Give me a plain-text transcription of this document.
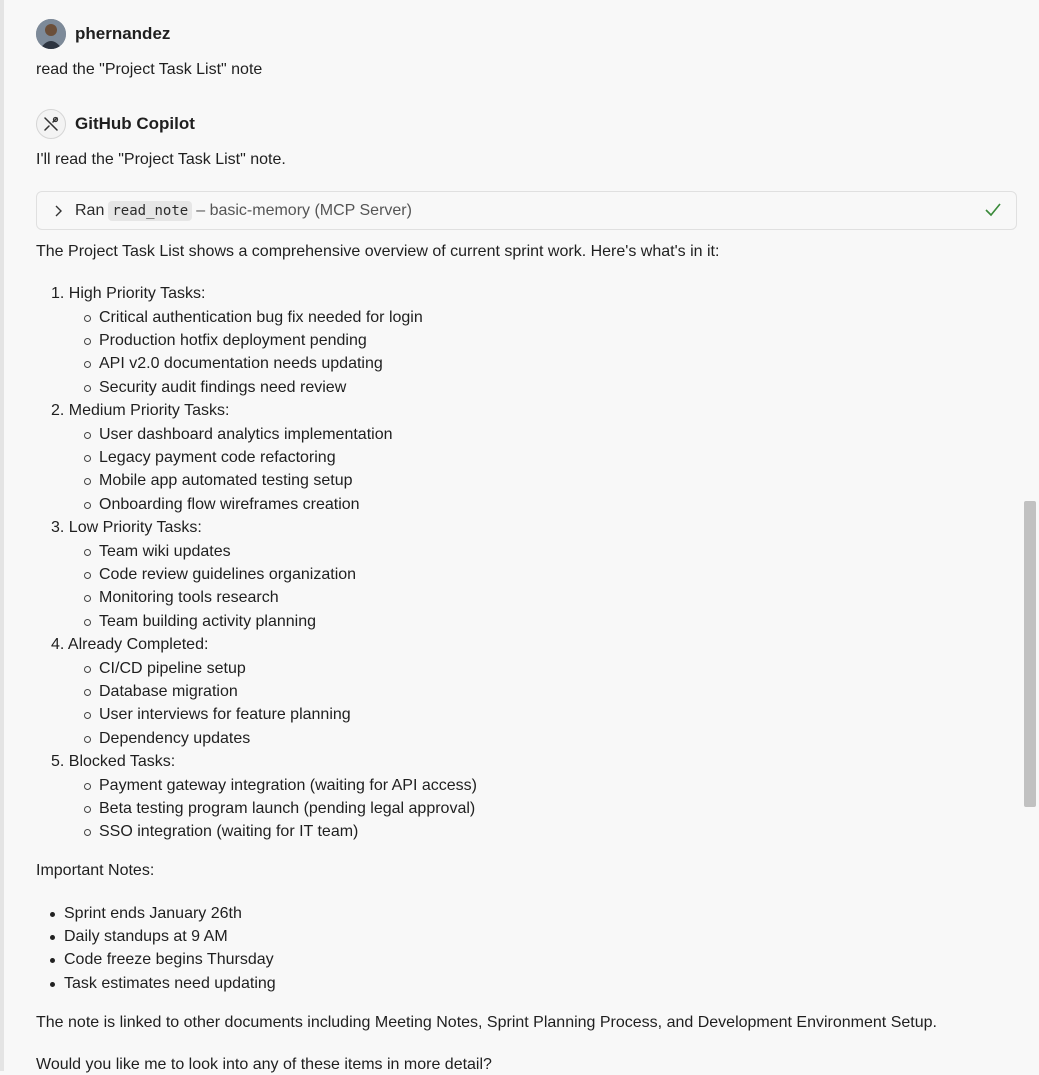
phernandez
read the "Project Task List" note
GitHub Copilot
I'll read the "Project Task List" note.
Ran read_note – basic-memory (MCP Server)
The Project Task List shows a comprehensive overview of current sprint work. Here's what's in it:
1. High Priority Tasks:
Critical authentication bug fix needed for login
Production hotfix deployment pending
API v2.0 documentation needs updating
Security audit findings need review
2. Medium Priority Tasks:
User dashboard analytics implementation
Legacy payment code refactoring
Mobile app automated testing setup
Onboarding flow wireframes creation
3. Low Priority Tasks:
Team wiki updates
Code review guidelines organization
Monitoring tools research
Team building activity planning
4. Already Completed:
CI/CD pipeline setup
Database migration
User interviews for feature planning
Dependency updates
5. Blocked Tasks:
Payment gateway integration (waiting for API access)
Beta testing program launch (pending legal approval)
SSO integration (waiting for IT team)
Important Notes:
Sprint ends January 26th
Daily standups at 9 AM
Code freeze begins Thursday
Task estimates need updating
The note is linked to other documents including Meeting Notes, Sprint Planning Process, and Development Environment Setup.
Would you like me to look into any of these items in more detail?
